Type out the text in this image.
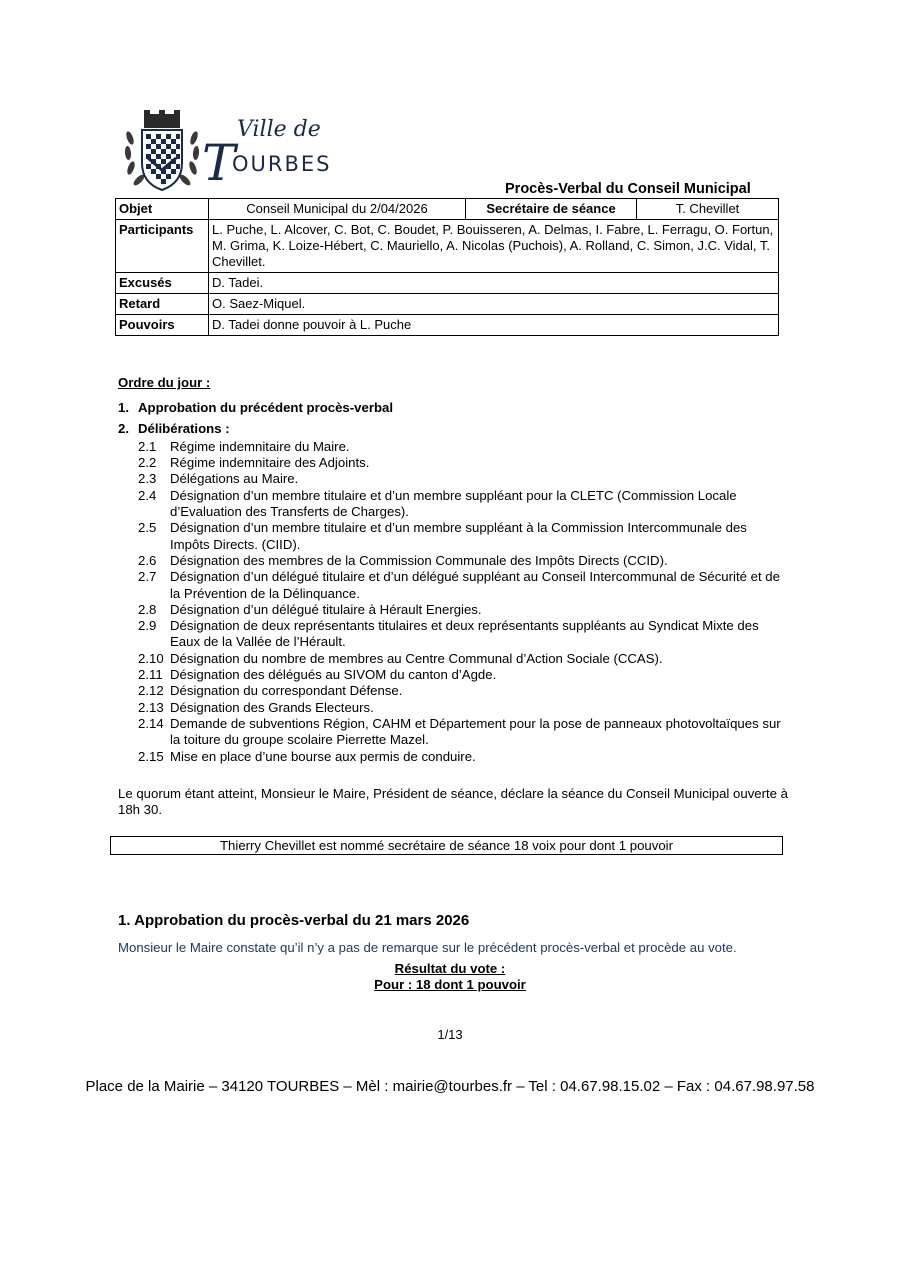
Ville de
T
OURBES
Procès-Verbal du Conseil Municipal
Objet	Conseil Municipal du 2/04/2026	Secrétaire de séance	T. Chevillet
Participants	L. Puche, L. Alcover, C. Bot, C. Boudet, P. Bouisseren, A. Delmas, I. Fabre, L. Ferragu, O. Fortun, M. Grima, K. Loize-Hébert, C. Mauriello, A. Nicolas (Puchois), A. Rolland, C. Simon, J.C. Vidal, T. Chevillet.		
Excusés	D. Tadei.		
Retard	O. Saez-Miquel.		
Pouvoirs	D. Tadei donne pouvoir à L. Puche		
Ordre du jour :
1. Approbation du précédent procès-verbal
2. Délibérations :
2.1	Régime indemnitaire du Maire.
2.2	Régime indemnitaire des Adjoints.
2.3	Délégations au Maire.
2.4	Désignation d’un membre titulaire et d’un membre suppléant pour la CLETC (Commission Locale d’Evaluation des Transferts de Charges).
2.5	Désignation d’un membre titulaire et d’un membre suppléant à la Commission Intercommunale des Impôts Directs. (CIID).
2.6	Désignation des membres de la Commission Communale des Impôts Directs (CCID).
2.7	Désignation d’un délégué titulaire et d’un délégué suppléant au Conseil Intercommunal de Sécurité et de la Prévention de la Délinquance.
2.8	Désignation d’un délégué titulaire à Hérault Energies.
2.9	Désignation de deux représentants titulaires et deux représentants suppléants au Syndicat Mixte des Eaux de la Vallée de l’Hérault.
2.10 Désignation du nombre de membres au Centre Communal d’Action Sociale (CCAS).
2.11 Désignation des délégués au SIVOM du canton d’Agde.
2.12 Désignation du correspondant Défense.
2.13 Désignation des Grands Electeurs.
2.14 Demande de subventions Région, CAHM et Département pour la pose de panneaux photovoltaïques sur la toiture du groupe scolaire Pierrette Mazel.
2.15 Mise en place d’une bourse aux permis de conduire.
Le quorum étant atteint, Monsieur le Maire, Président de séance, déclare la séance du Conseil Municipal ouverte à 18h 30.
Thierry Chevillet est nommé secrétaire de séance 18 voix pour dont 1 pouvoir
1. Approbation du procès-verbal du 21 mars 2026
Monsieur le Maire constate qu’il n’y a pas de remarque sur le précédent procès-verbal et procède au vote.
Résultat du vote :
Pour : 18 dont 1 pouvoir
1/13
Place de la Mairie – 34120 TOURBES – Mèl : mairie@tourbes.fr – Tel : 04.67.98.15.02 – Fax : 04.67.98.97.58
